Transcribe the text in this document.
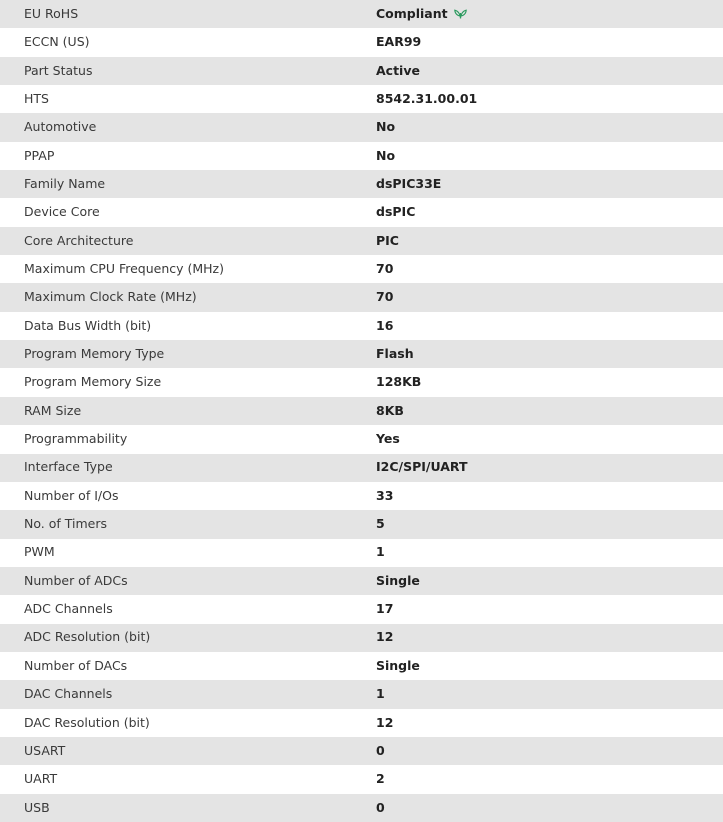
EU RoHS	Compliant
ECCN (US)	EAR99
Part Status	Active
HTS	8542.31.00.01
Automotive	No
PPAP	No
Family Name	dsPIC33E
Device Core	dsPIC
Core Architecture	PIC
Maximum CPU Frequency (MHz)	70
Maximum Clock Rate (MHz)	70
Data Bus Width (bit)	16
Program Memory Type	Flash
Program Memory Size	128KB
RAM Size	8KB
Programmability	Yes
Interface Type	I2C/SPI/UART
Number of I/Os	33
No. of Timers	5
PWM	1
Number of ADCs	Single
ADC Channels	17
ADC Resolution (bit)	12
Number of DACs	Single
DAC Channels	1
DAC Resolution (bit)	12
USART	0
UART	2
USB	0
